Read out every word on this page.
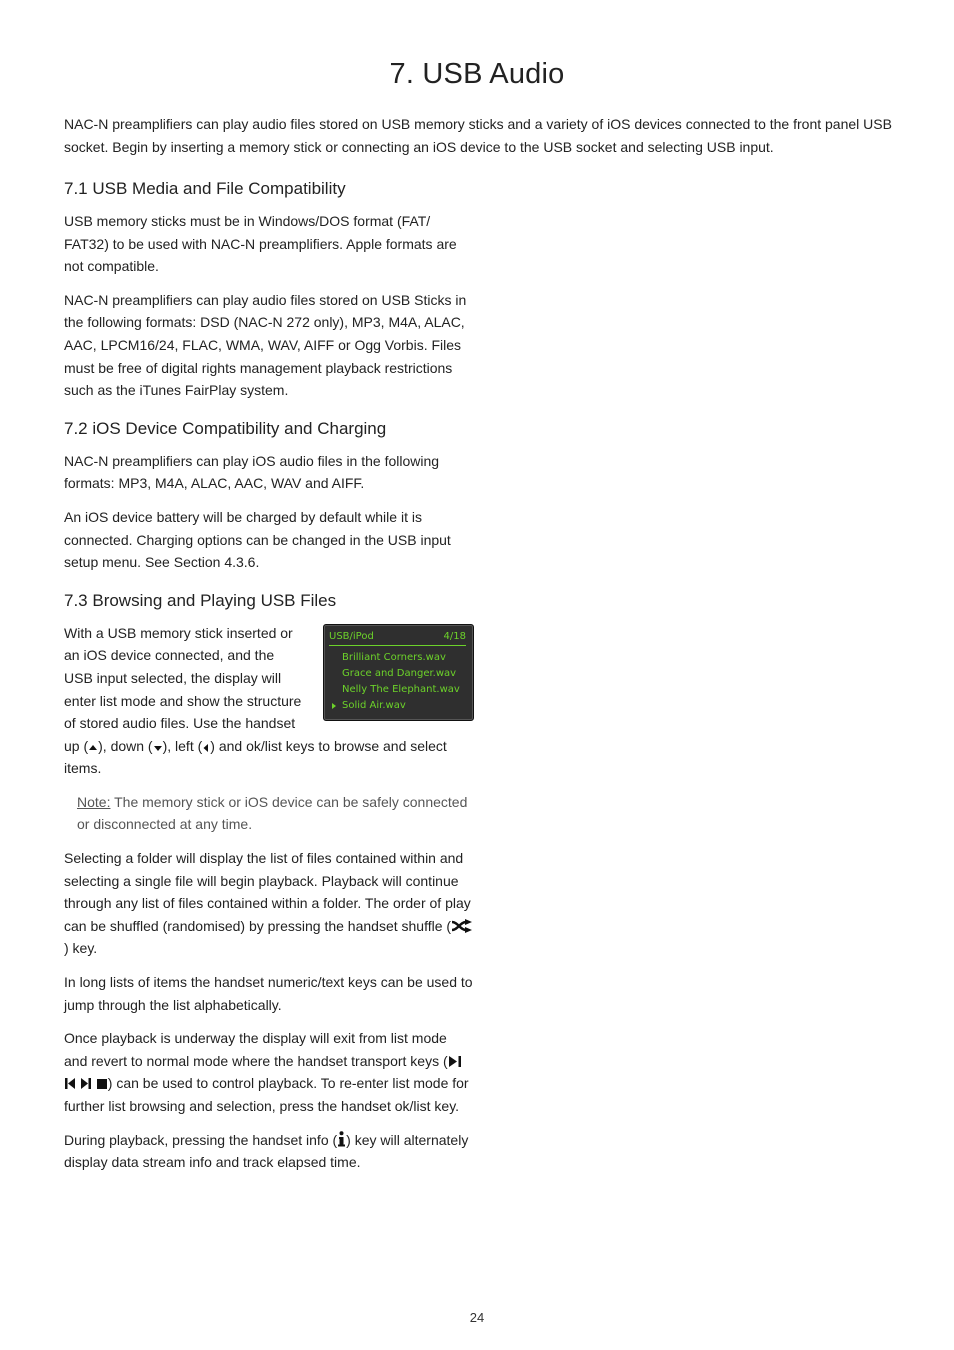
7. USB Audio

NAC-N preamplifiers can play audio files stored on USB memory sticks and a variety of iOS devices connected to the front panel USB socket. Begin by inserting a memory stick or connecting an iOS device to the USB socket and selecting USB input.

7.1 USB Media and File Compatibility

USB memory sticks must be in Windows/DOS format (FAT/ FAT32) to be used with NAC-N preamplifiers. Apple formats are not compatible.

NAC-N preamplifiers can play audio files stored on USB Sticks in the following formats: DSD (NAC-N 272 only), MP3, M4A, ALAC, AAC, LPCM16/24, FLAC, WMA, WAV, AIFF or Ogg Vorbis. Files must be free of digital rights management playback restrictions such as the iTunes FairPlay system.

7.2 iOS Device Compatibility and Charging

NAC-N preamplifiers can play iOS audio files in the following formats: MP3, M4A, ALAC, AAC, WAV and AIFF.

An iOS device battery will be charged by default while it is connected. Charging options can be changed in the USB input setup menu. See Section 4.3.6.

7.3 Browsing and Playing USB Files
USB/iPod	4/18
Brilliant Corners.wav
Grace and Danger.wav
Nelly The Elephant.wav
Solid Air.wav

With a USB memory stick inserted or an iOS device connected, and the USB input selected, the display will enter list mode and show the structure of stored audio files. Use the handset up ( ), down ( ), left ( ) and ok/list keys to browse and select items.

Note: The memory stick or iOS device can be safely connected or disconnected at any time.

Selecting a folder will display the list of files contained within and selecting a single file will begin playback. Playback will continue through any list of files contained within a folder. The order of play can be shuffled (randomised) by pressing the handset shuffle () key.

In long lists of items the handset numeric/text keys can be used to jump through the list alphabetically.

Once playback is underway the display will exit from list mode and revert to normal mode where the handset transport keys (   ) can be used to control playback. To re-enter list mode for further list browsing and selection, press the handset ok/list key.

During playback, pressing the handset info ( ) key will alternately display data stream info and track elapsed time.

24
